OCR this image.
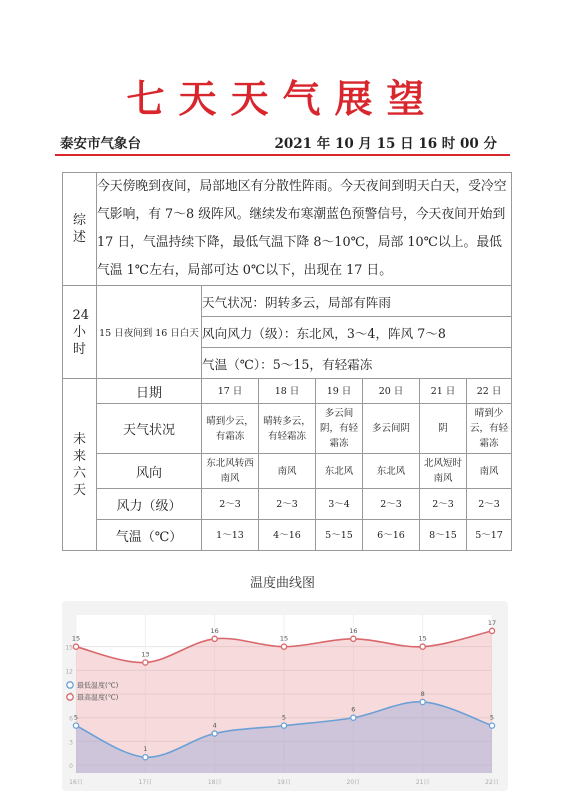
七天天气展望
泰安市气象台	2021 年 10 月 15 日 16 时 00 分
综述	今天傍晚到夜间，局部地区有分散性阵雨。今天夜间到明天白天，受冷空气影响，有 7～8 级阵风。继续发布寒潮蓝色预警信号，今天夜间开始到 17 日，气温持续下降，最低气温下降 8～10℃，局部 10℃以上。最低气温 1℃左右，局部可达 0℃以下，出现在 17 日。						
24小时	15 日夜间到 16 日白天	天气状况：阴转多云，局部有阵雨					
		风向风力（级）：东北风，3～4，阵风 7～8					
		气温（℃）：5～15，有轻霜冻					
未来六天	日期	17 日	18 日	19 日	20 日	21 日	22 日
	天气状况	晴到少云，有霜冻	晴转多云，有轻霜冻	多云间阴，有轻霜冻	多云间阴	阴	晴到少云，有轻霜冻
	风向	东北风转西南风	南风	东北风	东北风	北风短时南风	南风
	风力（级）	2～3	2～3	3～4	2～3	2～3	2～3
	气温（℃）	1～13	4～16	5～15	6～16	8～15	5～17
温度曲线图
0
3
6
12
15
16日	17日	18日	19日	20日	21日	22日
5
1
4
5
6
8
5
15
13
16
15
16
15
17
最低温度(℃)
最高温度(℃)
